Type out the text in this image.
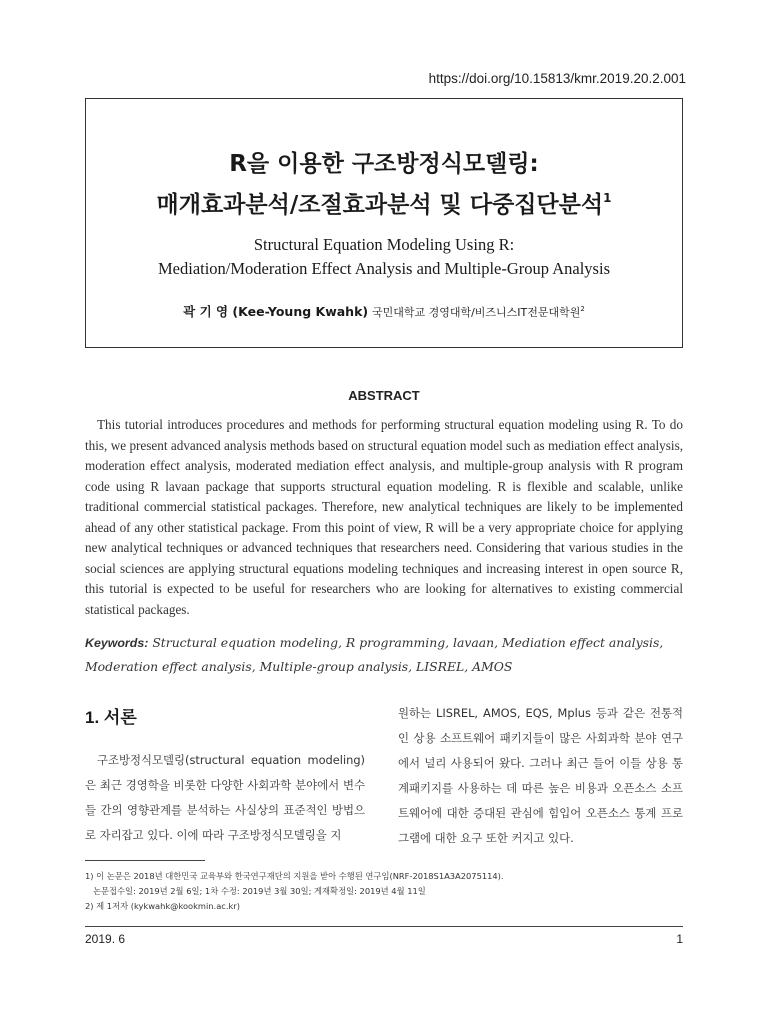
https://doi.org/10.15813/kmr.2019.20.2.001
R을 이용한 구조방정식모델링:
매개효과분석/조절효과분석 및 다중집단분석$^1$
Structural Equation Modeling Using R:
Mediation/Moderation Effect Analysis and Multiple-Group Analysis
곽 기 영 (Kee-Young Kwahk) 국민대학교 경영대학/비즈니스IT전문대학원$^2$
ABSTRACT
This tutorial introduces procedures and methods for performing structural equation modeling using R. To do this, we present advanced analysis methods based on structural equation model such as mediation effect analysis, moderation effect analysis, moderated mediation effect analysis, and multiple-group analysis with R program code using R lavaan package that supports structural equation modeling. R is flexible and scalable, unlike traditional commercial statistical packages. Therefore, new analytical techniques are likely to be implemented ahead of any other statistical package. From this point of view, R will be a very appropriate choice for applying new analytical techniques or advanced techniques that researchers need. Considering that various studies in the social sciences are applying structural equations modeling techniques and increasing interest in open source R, this tutorial is expected to be useful for researchers who are looking for alternatives to existing commercial statistical packages.
Keywords: Structural equation modeling, R programming, lavaan, Mediation effect analysis, Moderation effect analysis, Multiple-group analysis, LISREL, AMOS
1. 서론
구조방정식모델링(structural equation modeling)은 최근 경영학을 비롯한 다양한 사회과학 분야에서 변수들 간의 영향관계를 분석하는 사실상의 표준적인 방법으로 자리잡고 있다. 이에 따라 구조방정식모델링을 지
원하는 LISREL, AMOS, EQS, Mplus 등과 같은 전통적인 상용 소프트웨어 패키지들이 많은 사회과학 분야 연구에서 널리 사용되어 왔다. 그러나 최근 들어 이들 상용 통계패키지를 사용하는 데 따른 높은 비용과 오픈소스 소프트웨어에 대한 증대된 관심에 힘입어 오픈소스 통계 프로그램에 대한 요구 또한 커지고 있다.
1) 이 논문은 2018년 대한민국 교육부와 한국연구재단의 지원을 받아 수행된 연구임(NRF-2018S1A3A2075114).
논문접수일: 2019년 2월 6일; 1차 수정: 2019년 3월 30일; 게재확정일: 2019년 4월 11일
2) 제 1저자 (kykwahk@kookmin.ac.kr)
2019. 6	1
